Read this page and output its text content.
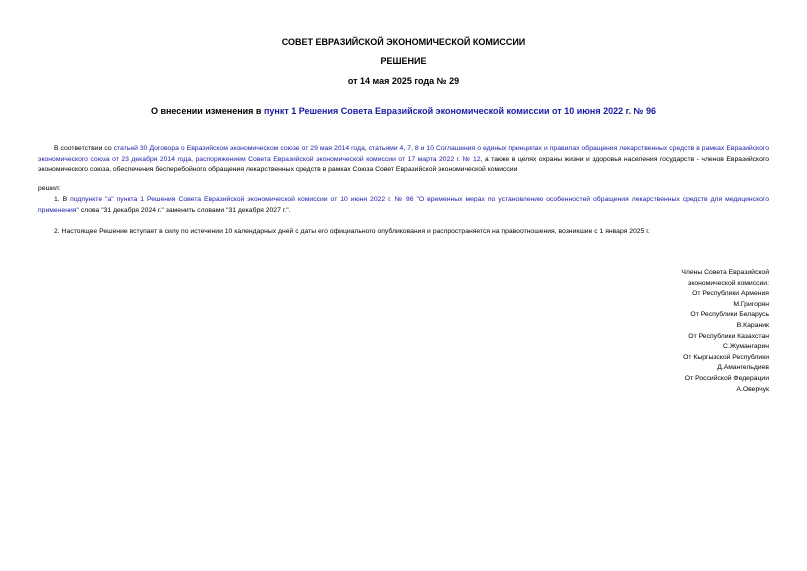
СОВЕТ ЕВРАЗИЙСКОЙ ЭКОНОМИЧЕСКОЙ КОМИССИИ
РЕШЕНИЕ
от 14 мая 2025 года № 29
О внесении изменения в пункт 1 Решения Совета Евразийской экономической комиссии от 10 июня 2022 г. № 96
В соответствии со статьей 30 Договора о Евразийском экономическом союзе от 29 мая 2014 года, статьями 4, 7, 8 и 10 Соглашения о единых принципах и правилах обращения лекарственных средств в рамках Евразийского экономического союза от 23 декабря 2014 года, распоряжением Совета Евразийской экономической комиссии от 17 марта 2022 г. № 12, а также в целях охраны жизни и здоровья населения государств - членов Евразийского экономического союза, обеспечения бесперебойного обращения лекарственных средств в рамках Союза Совет Евразийской экономической комиссии
решил:
1. В подпункте "а" пункта 1 Решения Совета Евразийской экономической комиссии от 10 июня 2022 г. № 96 "О временных мерах по установлению особенностей обращения лекарственных средств для медицинского применения" слова "31 декабря 2024 г." заменить словами "31 декабря 2027 г.".
2. Настоящее Решение вступает в силу по истечении 10 календарных дней с даты его официального опубликования и распространяется на правоотношения, возникшие с 1 января 2025 г.
Члены Совета Евразийской
экономической комиссии:
От Республики Армения
М.Григорян
От Республики Беларусь
В.Караник
От Республики Казахстан
С.Жумангарин
От Кыргызской Республики
Д.Амангельдиев
От Российской Федерации
А.Оверчук
